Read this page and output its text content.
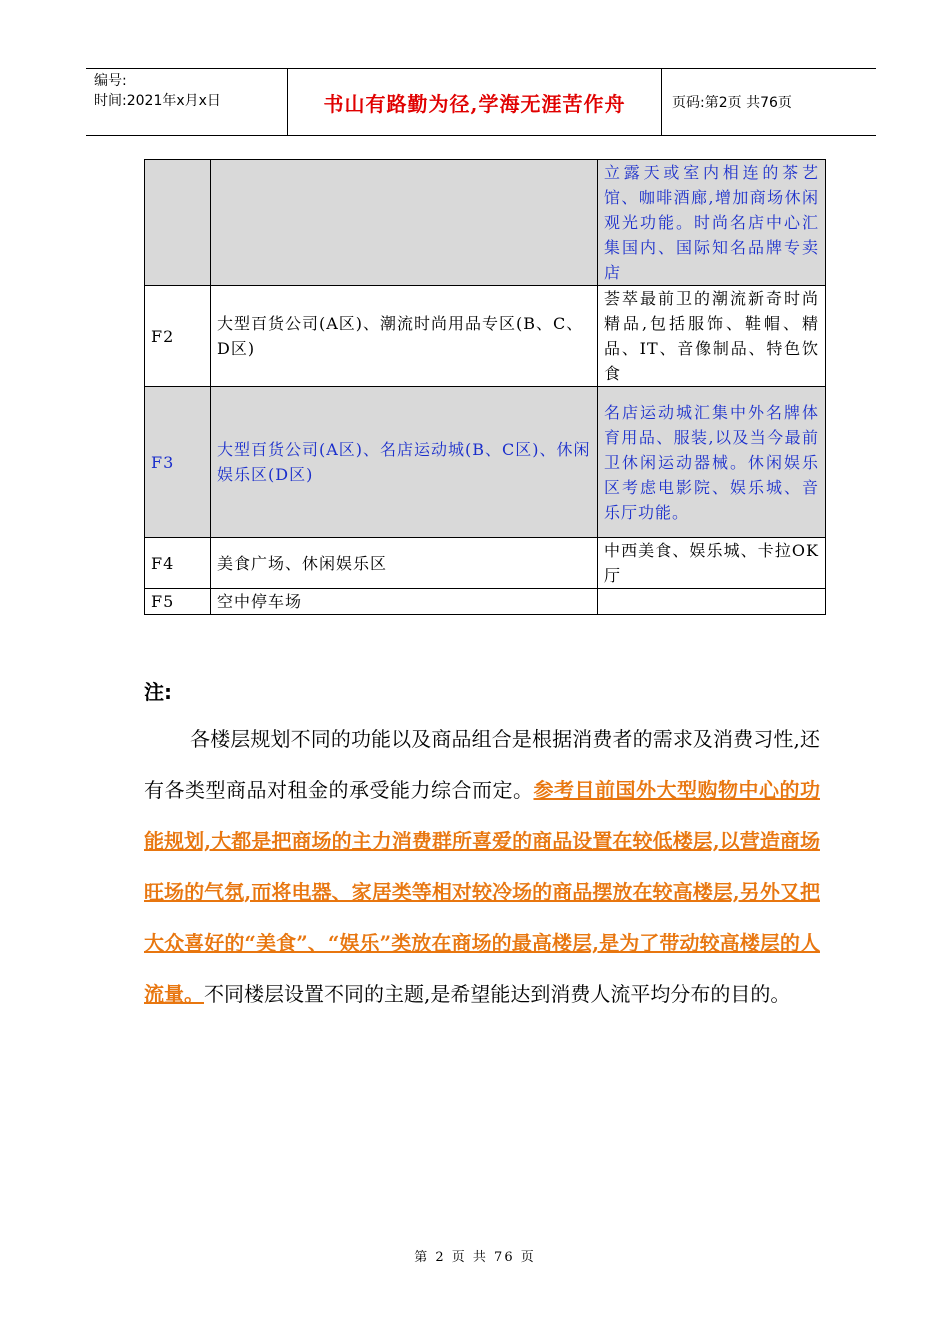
编号:
时间:2021年x月x日	书山有路勤为径,学海无涯苦作舟	页码:第2页 共76页
		立露天或室内相连的茶艺馆、咖啡酒廊,增加商场休闲观光功能。时尚名店中心汇集国内、国际知名品牌专卖店
F2	大型百货公司(A区)、潮流时尚用品专区(B、C、D区)	荟萃最前卫的潮流新奇时尚精品,包括服饰、鞋帽、精品、IT、音像制品、特色饮食
F3	大型百货公司(A区)、名店运动城(B、C区)、休闲娱乐区(D区)	名店运动城汇集中外名牌体育用品、服装,以及当今最前卫休闲运动器械。休闲娱乐区考虑电影院、娱乐城、音乐厅功能。
F4	美食广场、休闲娱乐区	中西美食、娱乐城、卡拉OK厅
F5	空中停车场	
注:
各楼层规划不同的功能以及商品组合是根据消费者的需求及消费习性,还有各类型商品对租金的承受能力综合而定。参考目前国外大型购物中心的功能规划,大都是把商场的主力消费群所喜爱的商品设置在较低楼层,以营造商场旺场的气氛,而将电器、家居类等相对较冷场的商品摆放在较高楼层,另外又把大众喜好的“美食”、“娱乐”类放在商场的最高楼层,是为了带动较高楼层的人流量。不同楼层设置不同的主题,是希望能达到消费人流平均分布的目的。
第 2 页 共 76 页
